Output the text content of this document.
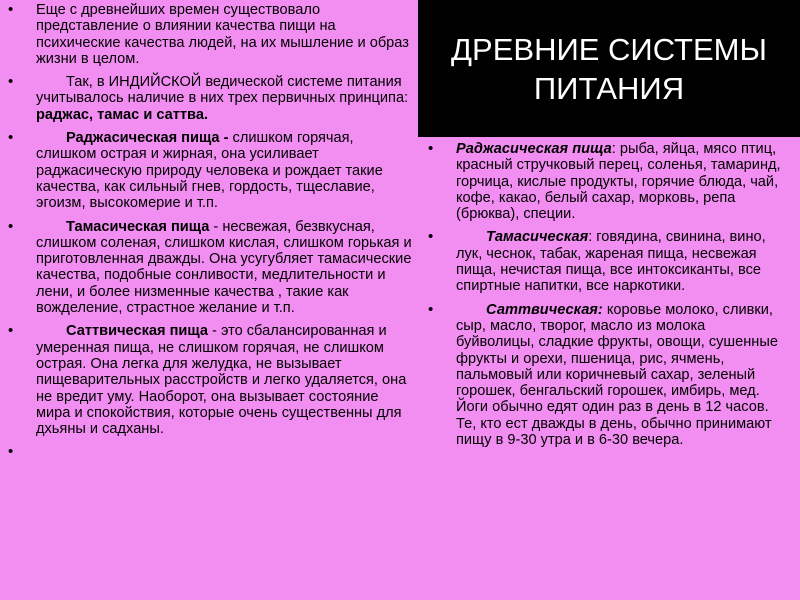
ДРЕВНИЕ СИСТЕМЫ ПИТАНИЯ
• Еще с древнейших времен существовало представление о влиянии качества пищи на психические качества людей, на их мышление и образ жизни в целом.
•	Так, в ИНДИЙСКОЙ ведической системе питания учитывалось наличие в них трех первичных принципа: раджас, тамас и саттва.
•	Раджасическая пища - слишком горячая, слишком острая и жирная, она усиливает раджасическую природу человека и рождает такие качества, как сильный гнев, гордость, тщеславие, эгоизм, высокомерие и т.п.
•	Тамасическая пища - несвежая, безвкусная, слишком соленая, слишком кислая, слишком горькая и приготовленная дважды. Она усугубляет тамасические качества, подобные сонливости, медлительности и лени, и более низменные качества , такие как вожделение, страстное желание и т.п.
•	Саттвическая пища - это сбалансированная и умеренная пища, не слишком горячая, не слишком острая. Она легка для желудка, не вызывает пищеварительных расстройств и легко удаляется, она не вредит уму. Наоборот, она вызывает состояние мира и спокойствия, которые очень существенны для дхьяны и садханы.
•

• Раджасическая пища: рыба, яйца, мясо птиц, красный стручковый перец, соленья, тамаринд, горчица, кислые продукты, горячие блюда, чай, кофе, какао, белый сахар, морковь, репа (брюква), специи.
•	Тамасическая: говядина, свинина, вино, лук, чеснок, табак, жареная пища, несвежая пища, нечистая пища, все интоксиканты, все спиртные напитки, все наркотики.
•	Саттвическая: коровье молоко, сливки, сыр, масло, творог, масло из молока буйволицы, сладкие фрукты, овощи, сушенные фрукты и орехи, пшеница, рис, ячмень, пальмовый или коричневый сахар, зеленый горошек, бенгальский горошек, имбирь, мед. Йоги обычно едят один раз в день в 12 часов. Те, кто ест дважды в день, обычно принимают пищу в 9-30 утра и в 6-30 вечера.
